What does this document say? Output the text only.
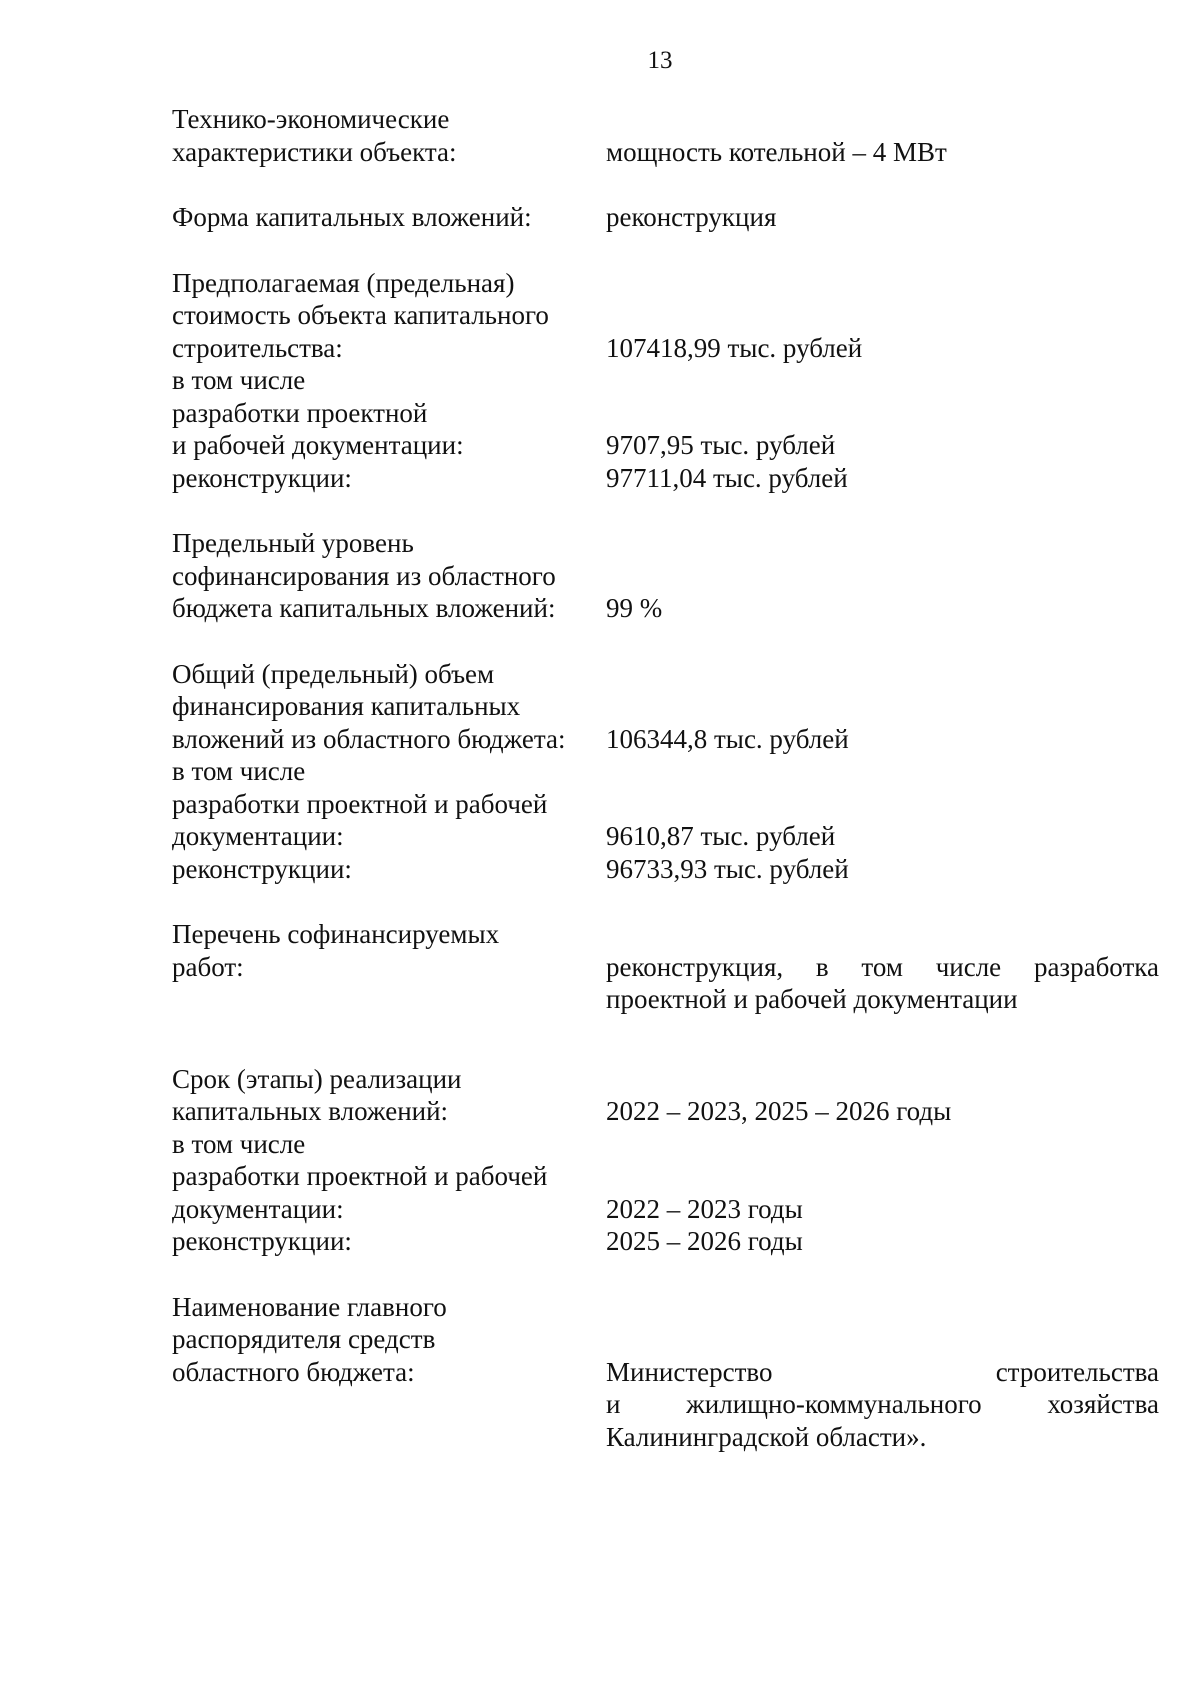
13
Технико-экономические
характеристики объекта:	мощность котельной – 4 МВт
Форма капитальных вложений:	реконструкция
Предполагаемая (предельная)
стоимость объекта капитального
строительства:	107418,99 тыс. рублей
в том числе
разработки проектной
и рабочей документации:	9707,95 тыс. рублей
реконструкции:	97711,04 тыс. рублей
Предельный уровень
софинансирования из областного
бюджета капитальных вложений:	99 %
Общий (предельный) объем
финансирования капитальных
вложений из областного бюджета:	106344,8 тыс. рублей
в том числе
разработки проектной и рабочей
документации:	9610,87 тыс. рублей
реконструкции:	96733,93 тыс. рублей
Перечень софинансируемых
работ:	реконструкция, в том числе разработка
проектной и рабочей документации
Срок (этапы) реализации
капитальных вложений:	2022 – 2023, 2025 – 2026 годы
в том числе
разработки проектной и рабочей
документации:	2022 – 2023 годы
реконструкции:	2025 – 2026 годы
Наименование главного
распорядителя средств
областного бюджета:	Министерство	строительства
и жилищно-коммунального хозяйства
Калининградской области».
